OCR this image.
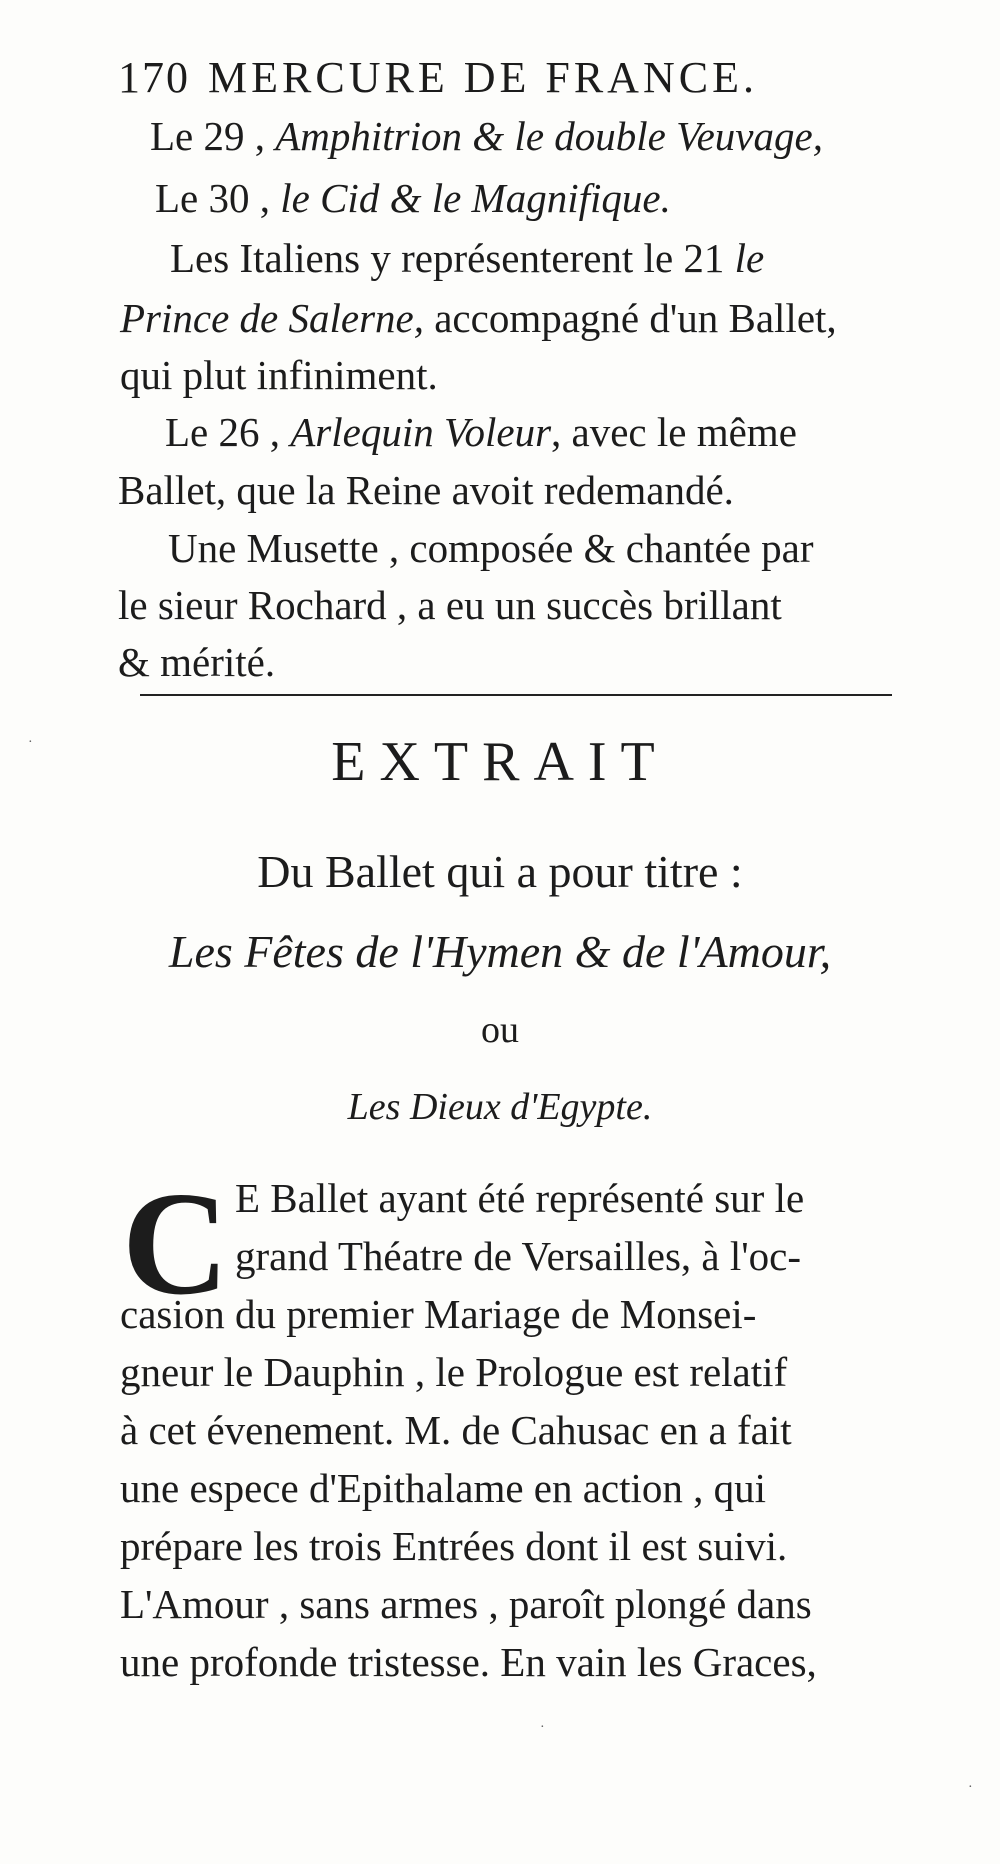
170 MERCURE DE FRANCE.
Le 29 , Amphitrion & le double Veuvage,
Le 30 , le Cid & le Magnifique.
Les Italiens y représenterent le 21 le
Prince de Salerne, accompagné d'un Ballet,
qui plut infiniment.
Le 26 , Arlequin Voleur, avec le même
Ballet, que la Reine avoit redemandé.
Une Musette , composée & chantée par
le sieur Rochard , a eu un succès brillant
& mérité.
EXTRAIT
Du Ballet qui a pour titre :
Les Fêtes de l'Hymen & de l'Amour,
ou
Les Dieux d'Egypte.
C E Ballet ayant été représenté sur le
grand Théatre de Versailles, à l'oc-
casion du premier Mariage de Monsei-
gneur le Dauphin , le Prologue est relatif
à cet évenement. M. de Cahusac en a fait
une espece d'Epithalame en action , qui
prépare les trois Entrées dont il est suivi.
L'Amour , sans armes , paroît plongé dans
une profonde tristesse. En vain les Graces,
·
·
·
